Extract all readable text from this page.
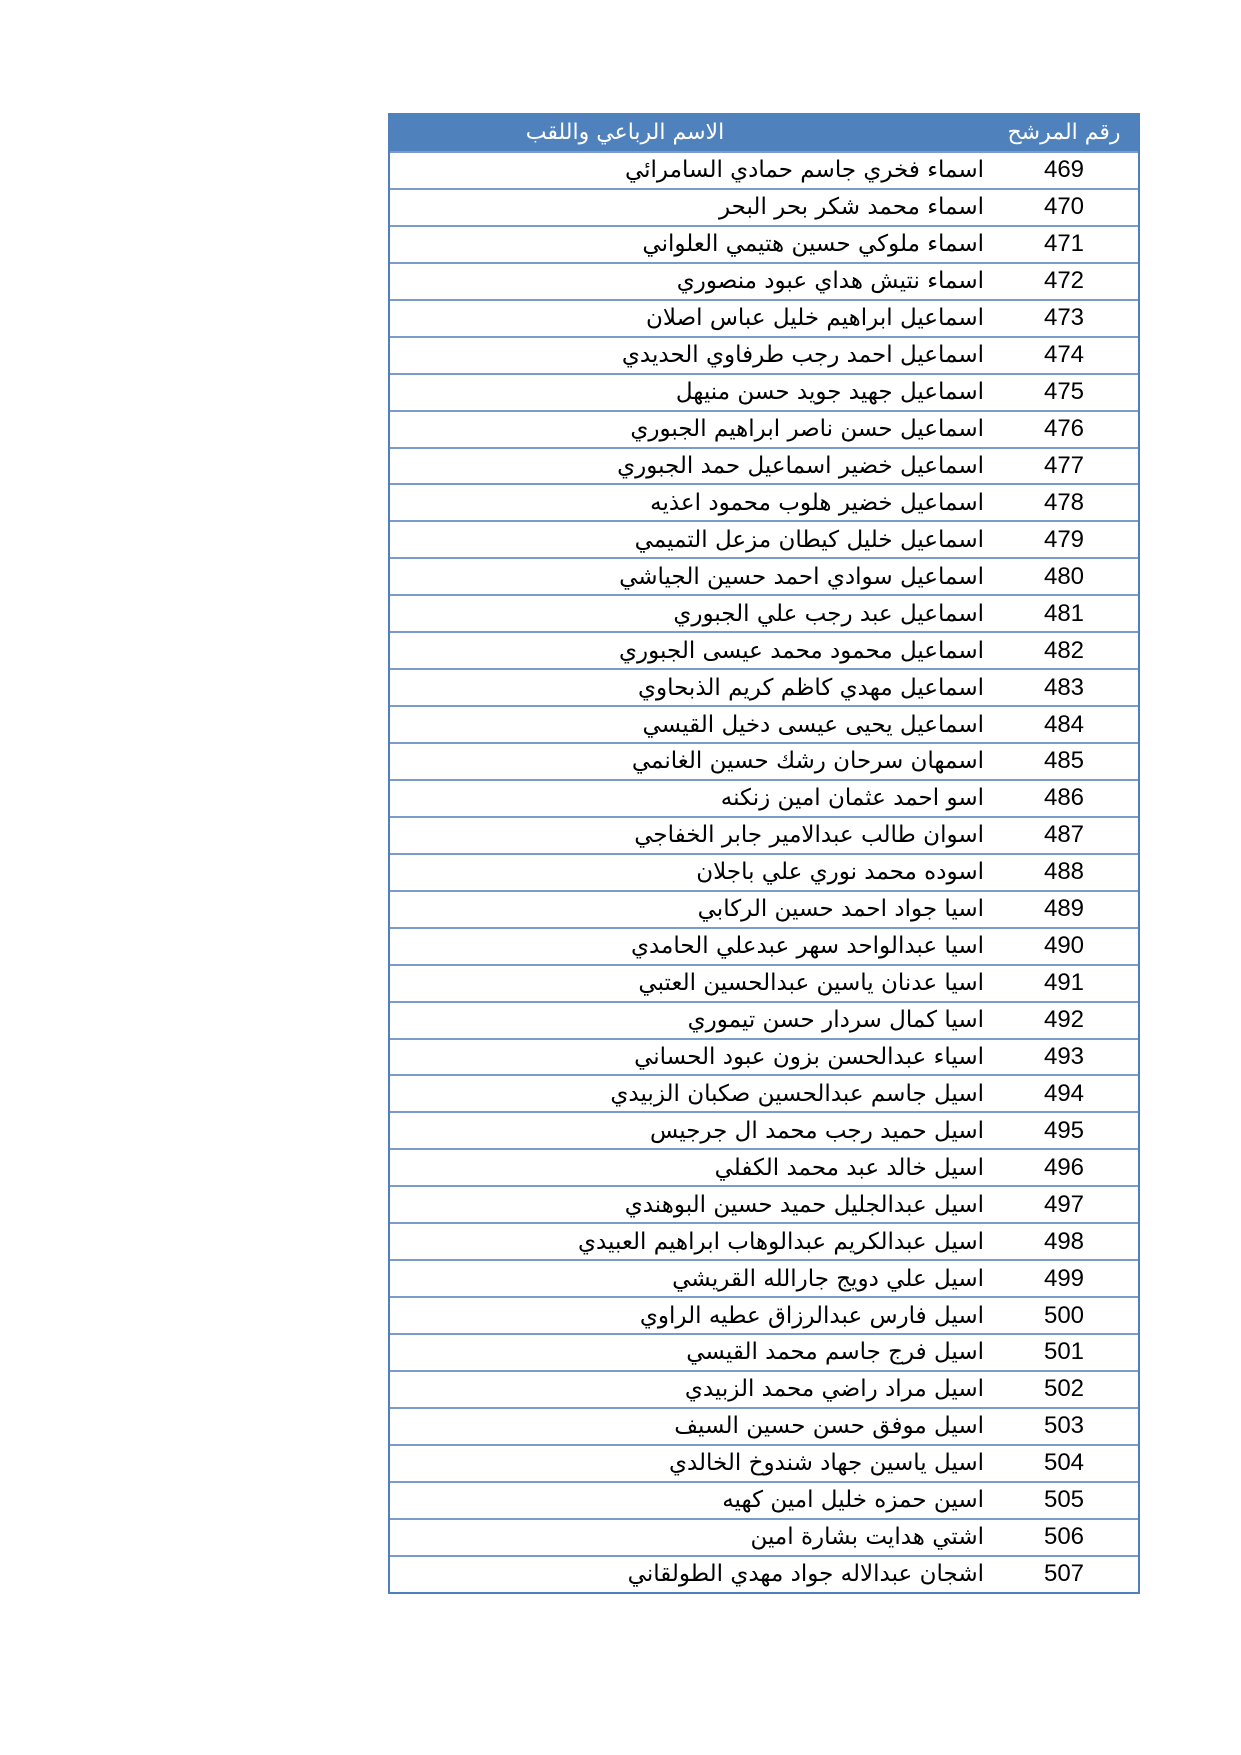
رقم المرشح
الاسم الرباعي واللقب
469
اسماء فخري جاسم حمادي السامرائي
470
اسماء محمد شكر بحر البحر
471
اسماء ملوكي حسين هتيمي العلواني
472
اسماء نتيش هداي عبود منصوري
473
اسماعيل ابراهيم خليل عباس اصلان
474
اسماعيل احمد رجب طرفاوي الحديدي
475
اسماعيل جهيد جويد حسن منيهل
476
اسماعيل حسن ناصر ابراهيم الجبوري
477
اسماعيل خضير اسماعيل حمد الجبوري
478
اسماعيل خضير هلوب محمود اعذيه
479
اسماعيل خليل كيطان مزعل التميمي
480
اسماعيل سوادي احمد حسين الجياشي
481
اسماعيل عبد رجب علي الجبوري
482
اسماعيل محمود محمد عيسى الجبوري
483
اسماعيل مهدي كاظم كريم الذبحاوي
484
اسماعيل يحيى عيسى دخيل القيسي
485
اسمهان سرحان رشك حسين الغانمي
486
اسو احمد عثمان امين زنكنه
487
اسوان طالب عبدالامير جابر الخفاجي
488
اسوده محمد نوري علي باجلان
489
اسيا جواد احمد حسين الركابي
490
اسيا عبدالواحد سهر عبدعلي الحامدي
491
اسيا عدنان ياسين عبدالحسين العتبي
492
اسيا كمال سردار حسن تيموري
493
اسياء عبدالحسن بزون عبود الحساني
494
اسيل جاسم عبدالحسين صكبان الزبيدي
495
اسيل حميد رجب محمد ال جرجيس
496
اسيل خالد عبد محمد الكفلي
497
اسيل عبدالجليل حميد حسين البوهندي
498
اسيل عبدالكريم عبدالوهاب ابراهيم العبيدي
499
اسيل علي دويج جارالله القريشي
500
اسيل فارس عبدالرزاق عطيه الراوي
501
اسيل فرج جاسم محمد القيسي
502
اسيل مراد راضي محمد الزبيدي
503
اسيل موفق حسن حسين السيف
504
اسيل ياسين جهاد شندوخ الخالدي
505
اسين حمزه خليل امين كهيه
506
اشتي هدايت بشارة امين
507
اشجان عبدالاله جواد مهدي الطولقاني
